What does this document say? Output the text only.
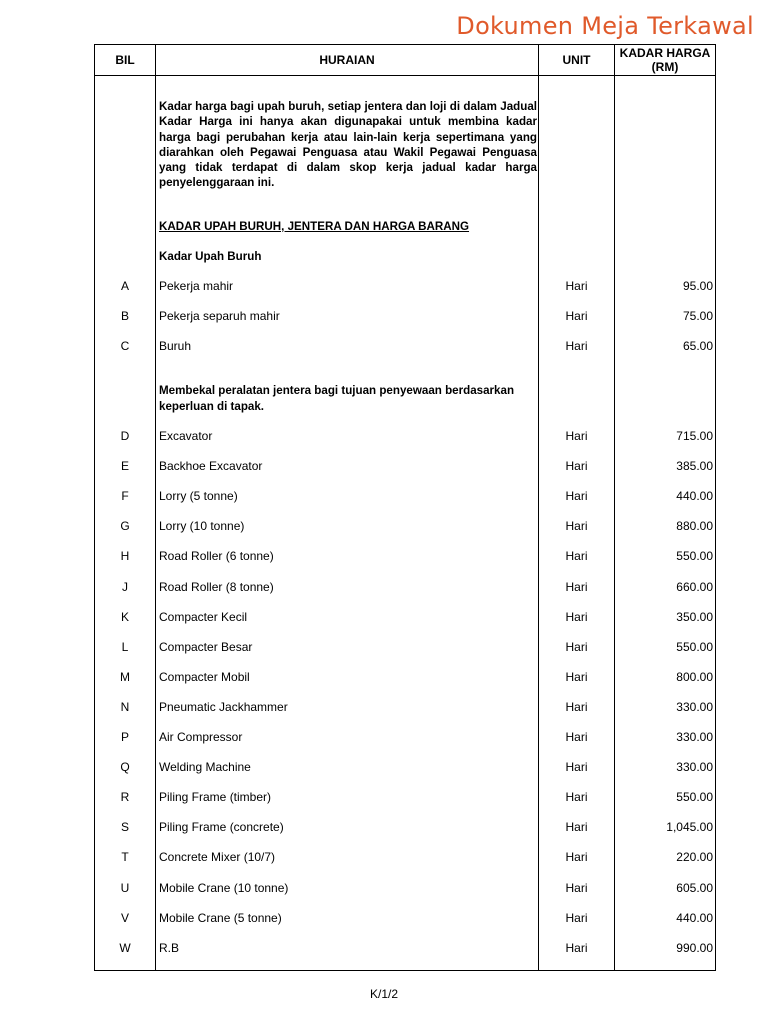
Dokumen Meja Terkawal
BIL	HURAIAN	UNIT	KADAR HARGA
(RM)
Kadar harga bagi upah buruh, setiap jentera dan loji di dalam Jadual Kadar Harga ini hanya akan digunapakai untuk membina kadar harga bagi perubahan kerja atau lain-lain kerja sepertimana yang diarahkan oleh Pegawai Penguasa atau Wakil Pegawai Penguasa yang tidak terdapat di dalam skop kerja jadual kadar harga penyelenggaraan ini.
KADAR UPAH BURUH, JENTERA DAN HARGA BARANG
Kadar Upah Buruh
Membekal peralatan jentera bagi tujuan penyewaan berdasarkan keperluan di tapak.
A	Pekerja mahir	Hari	95.00
B	Pekerja separuh mahir	Hari	75.00
C	Buruh	Hari	65.00
D	Excavator	Hari	715.00
E	Backhoe Excavator	Hari	385.00
F	Lorry (5 tonne)	Hari	440.00
G	Lorry (10 tonne)	Hari	880.00
H	Road Roller (6 tonne)	Hari	550.00
J	Road Roller (8 tonne)	Hari	660.00
K	Compacter Kecil	Hari	350.00
L	Compacter Besar	Hari	550.00
M	Compacter Mobil	Hari	800.00
N	Pneumatic Jackhammer	Hari	330.00
P	Air Compressor	Hari	330.00
Q	Welding Machine	Hari	330.00
R	Piling Frame (timber)	Hari	550.00
S	Piling Frame (concrete)	Hari	1,045.00
T	Concrete Mixer (10/7)	Hari	220.00
U	Mobile Crane (10 tonne)	Hari	605.00
V	Mobile Crane (5 tonne)	Hari	440.00
W	R.B	Hari	990.00
K/1/2
